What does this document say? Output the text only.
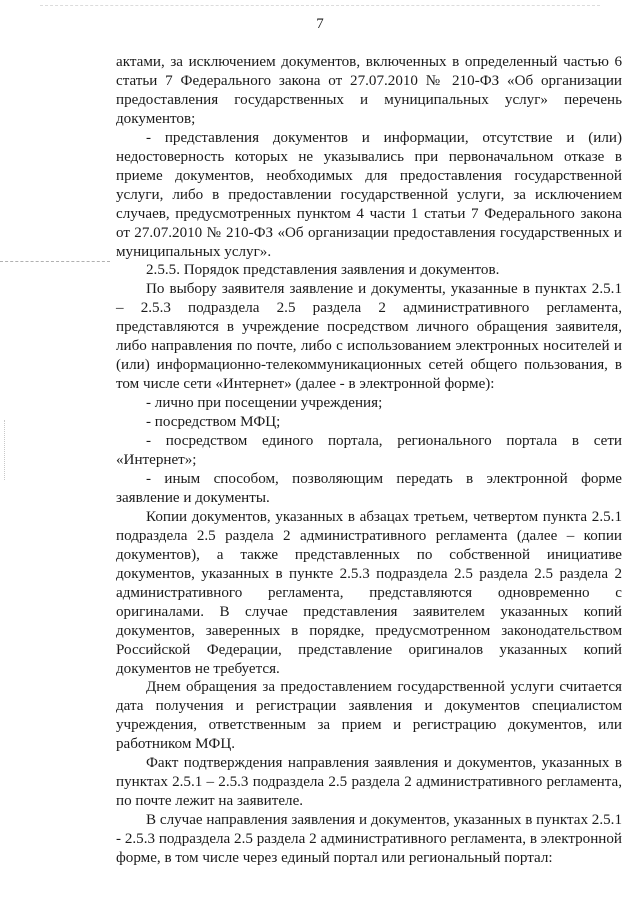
7

актами, за исключением документов, включенных в определенный частью 6 статьи 7 Федерального закона от 27.07.2010 № 210-ФЗ «Об организации предоставления государственных и муниципальных услуг» перечень документов;

- представления документов и информации, отсутствие и (или) недостоверность которых не указывались при первоначальном отказе в приеме документов, необходимых для предоставления государственной услуги, либо в предоставлении государственной услуги, за исключением случаев, предусмотренных пунктом 4 части 1 статьи 7 Федерального закона от 27.07.2010 № 210-ФЗ «Об организации предоставления государственных и муниципальных услуг».

2.5.5. Порядок представления заявления и документов.

По выбору заявителя заявление и документы, указанные в пунктах 2.5.1 – 2.5.3 подраздела 2.5 раздела 2 административного регламента, представляются в учреждение посредством личного обращения заявителя, либо направления по почте, либо с использованием электронных носителей и (или) информационно-телекоммуникационных сетей общего пользования, в том числе сети «Интернет» (далее - в электронной форме):

- лично при посещении учреждения;

- посредством МФЦ;

- посредством единого портала, регионального портала в сети «Интернет»;

- иным способом, позволяющим передать в электронной форме заявление и документы.

Копии документов, указанных в абзацах третьем, четвертом пункта 2.5.1 подраздела 2.5 раздела 2 административного регламента (далее – копии документов), а также представленных по собственной инициативе документов, указанных в пункте 2.5.3 подраздела 2.5 раздела 2.5 раздела 2 административного регламента, представляются одновременно с оригиналами. В случае представления заявителем указанных копий документов, заверенных в порядке, предусмотренном законодательством Российской Федерации, представление оригиналов указанных копий документов не требуется.

Днем обращения за предоставлением государственной услуги считается дата получения и регистрации заявления и документов специалистом учреждения, ответственным за прием и регистрацию документов, или работником МФЦ.

Факт подтверждения направления заявления и документов, указанных в пунктах 2.5.1 – 2.5.3 подраздела 2.5 раздела 2 административного регламента, по почте лежит на заявителе.

В случае направления заявления и документов, указанных в пунктах 2.5.1 - 2.5.3 подраздела 2.5 раздела 2 административного регламента, в электронной форме, в том числе через единый портал или региональный портал:
